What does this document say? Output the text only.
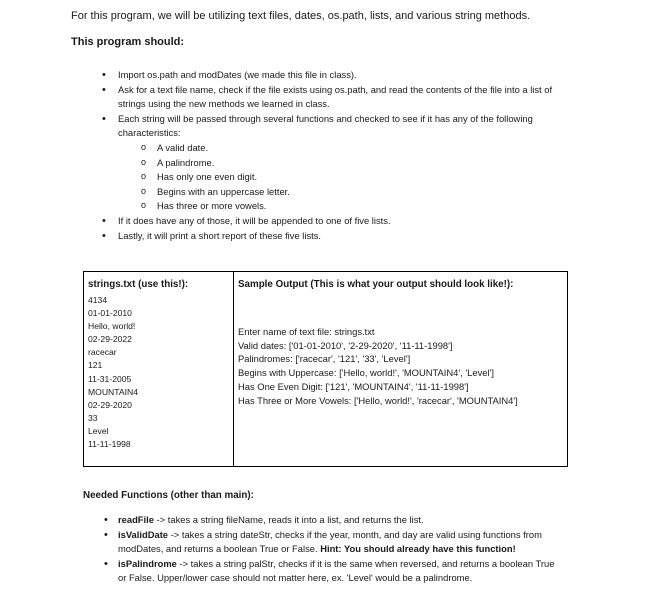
For this program, we will be utilizing text files, dates, os.path, lists, and various string methods.
This program should:
• Import os.path and modDates (we made this file in class).
• Ask for a text file name, check if the file exists using os.path, and read the contents of the file into a list of strings using the new methods we learned in class.
• Each string will be passed through several functions and checked to see if it has any of the following characteristics:
o A valid date.
o A palindrome.
o Has only one even digit.
o Begins with an uppercase letter.
o Has three or more vowels.
• If it does have any of those, it will be appended to one of five lists.
• Lastly, it will print a short report of these five lists.
strings.txt (use this!):
4134
01-01-2010
Hello, world!
02-29-2022
racecar
121
11-31-2005
MOUNTAIN4
02-29-2020
33
Level
11-11-1998

Sample Output (This is what your output should look like!):
Enter name of text file: strings.txt
Valid dates: ['01-01-2010', '2-29-2020', '11-11-1998']
Palindromes: ['racecar', '121', '33', 'Level']
Begins with Uppercase: ['Hello, world!', 'MOUNTAIN4', 'Level']
Has One Even Digit: ['121', 'MOUNTAIN4', '11-11-1998']
Has Three or More Vowels: ['Hello, world!', 'racecar', 'MOUNTAIN4']
Needed Functions (other than main):
• readFile -> takes a string fileName, reads it into a list, and returns the list.
• isValidDate -> takes a string dateStr, checks if the year, month, and day are valid using functions from modDates, and returns a boolean True or False. Hint: You should already have this function!
• isPalindrome -> takes a string palStr, checks if it is the same when reversed, and returns a boolean True or False. Upper/lower case should not matter here, ex. 'Level' would be a palindrome.
